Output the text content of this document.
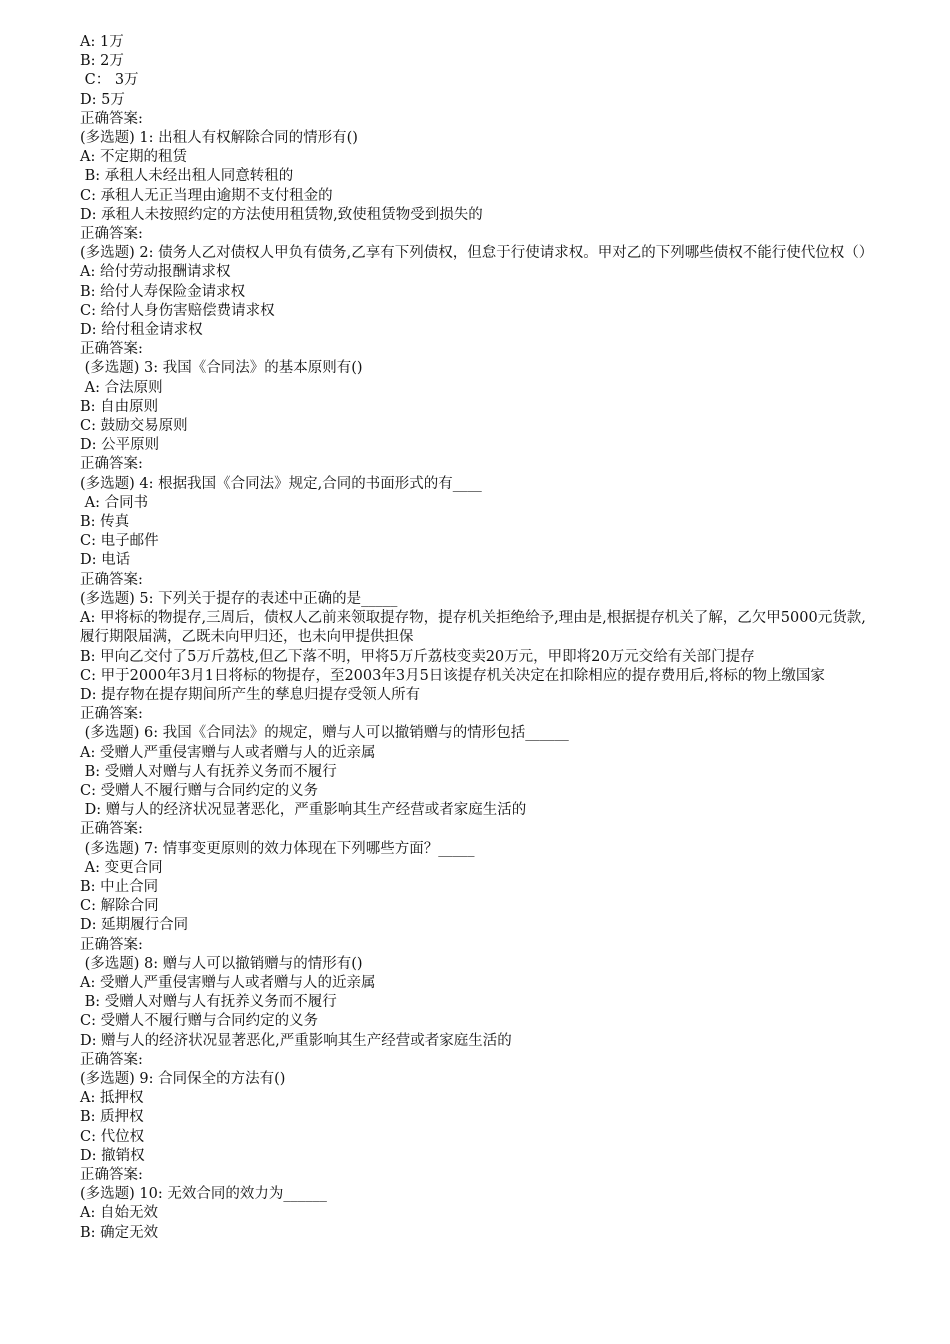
A: 1万
B: 2万
C： 3万
D: 5万
正确答案:
(多选题) 1: 出租人有权解除合同的情形有()
A: 不定期的租赁
B: 承租人未经出租人同意转租的
C: 承租人无正当理由逾期不支付租金的
D: 承租人未按照约定的方法使用租赁物,致使租赁物受到损失的
正确答案:
(多选题) 2: 债务人乙对债权人甲负有债务,乙享有下列债权，但怠于行使请求权。甲对乙的下列哪些债权不能行使代位权（）
A: 给付劳动报酬请求权
B: 给付人寿保险金请求权
C: 给付人身伤害赔偿费请求权
D: 给付租金请求权
正确答案:
(多选题) 3: 我国《合同法》的基本原则有()
A: 合法原则
B: 自由原则
C: 鼓励交易原则
D: 公平原则
正确答案:
(多选题) 4: 根据我国《合同法》规定,合同的书面形式的有____
A: 合同书
B: 传真
C: 电子邮件
D: 电话
正确答案:
(多选题) 5: 下列关于提存的表述中正确的是_____
A: 甲将标的物提存,三周后，债权人乙前来领取提存物，提存机关拒绝给予,理由是,根据提存机关了解，乙欠甲5000元货款,履行期限届满，乙既未向甲归还，也未向甲提供担保
B: 甲向乙交付了5万斤荔枝,但乙下落不明，甲将5万斤荔枝变卖20万元，甲即将20万元交给有关部门提存
C: 甲于2000年3月1日将标的物提存，至2003年3月5日该提存机关决定在扣除相应的提存费用后,将标的物上缴国家
D: 提存物在提存期间所产生的孳息归提存受领人所有
正确答案:
(多选题) 6: 我国《合同法》的规定，赠与人可以撤销赠与的情形包括______
A: 受赠人严重侵害赠与人或者赠与人的近亲属
B: 受赠人对赠与人有抚养义务而不履行
C: 受赠人不履行赠与合同约定的义务
D: 赠与人的经济状况显著恶化，严重影响其生产经营或者家庭生活的
正确答案:
(多选题) 7: 情事变更原则的效力体现在下列哪些方面？_____
A: 变更合同
B: 中止合同
C: 解除合同
D: 延期履行合同
正确答案:
(多选题) 8: 赠与人可以撤销赠与的情形有()
A: 受赠人严重侵害赠与人或者赠与人的近亲属
B: 受赠人对赠与人有抚养义务而不履行
C: 受赠人不履行赠与合同约定的义务
D: 赠与人的经济状况显著恶化,严重影响其生产经营或者家庭生活的
正确答案:
(多选题) 9: 合同保全的方法有()
A: 抵押权
B: 质押权
C: 代位权
D: 撤销权
正确答案:
(多选题) 10: 无效合同的效力为______
A: 自始无效
B: 确定无效
